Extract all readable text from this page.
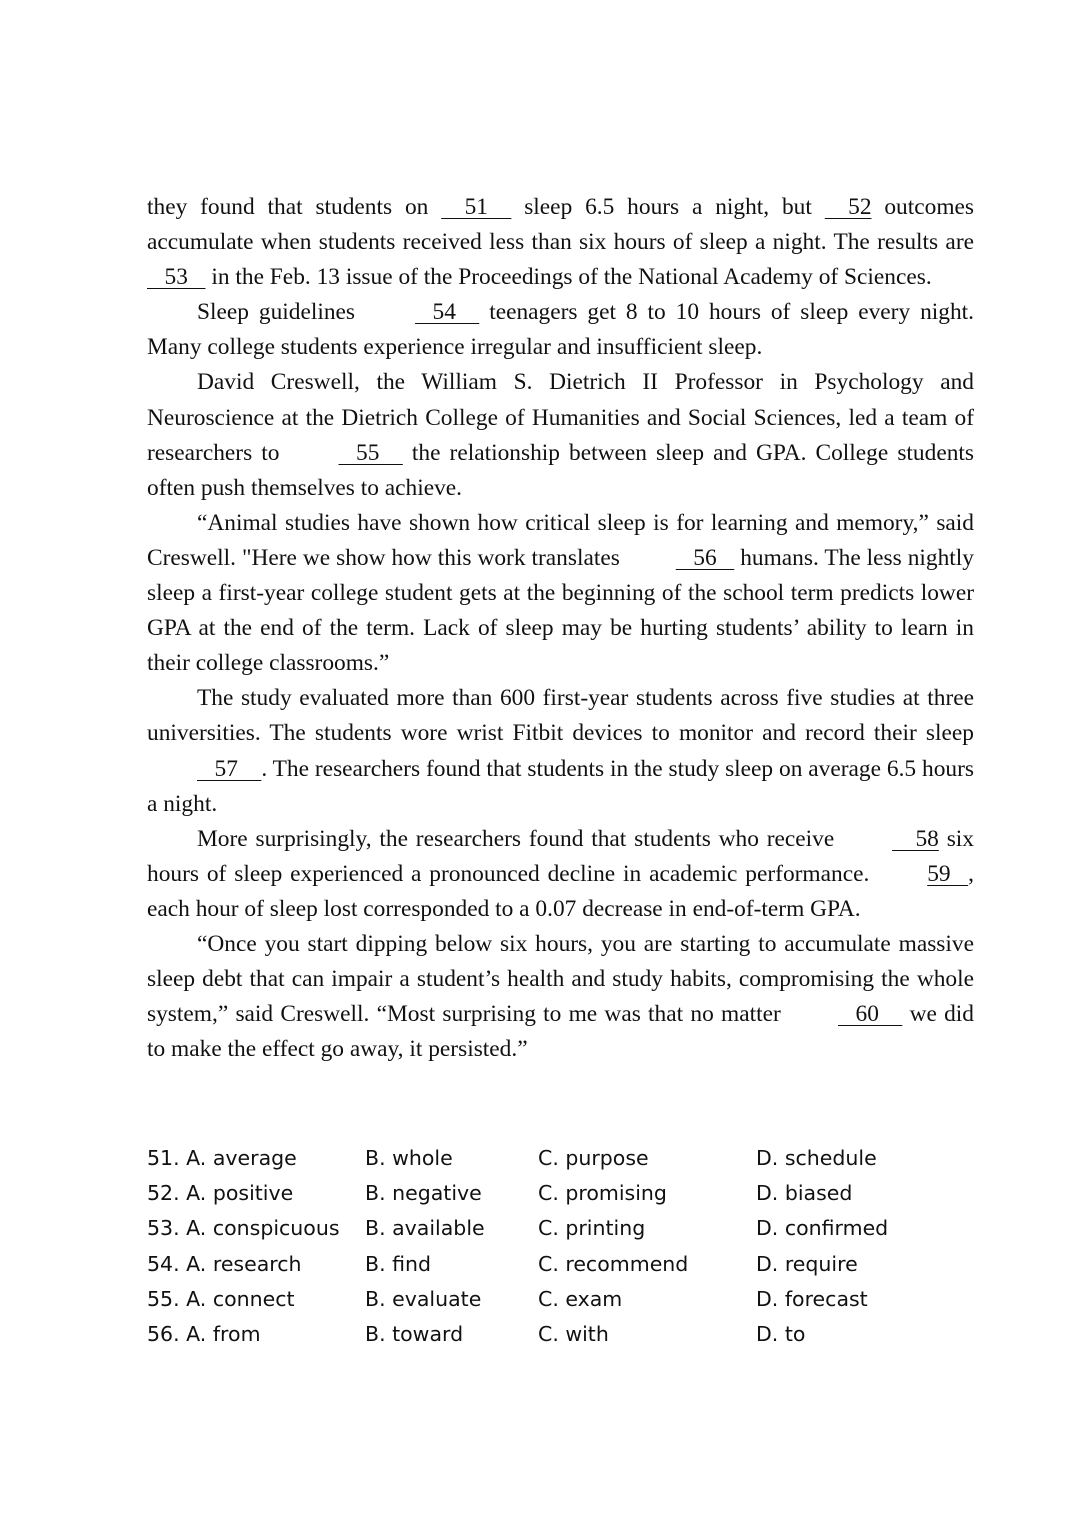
they found that students on     51     sleep 6.5 hours a night, but     52 outcomes accumulate when students received less than six hours of sleep a night. The results are    53    in the Feb. 13 issue of the Proceedings of the National Academy of Sciences.

Sleep guidelines    54     teenagers get 8 to 10 hours of sleep every night. Many college students experience irregular and insufficient sleep.

David Creswell, the William S. Dietrich II Professor in Psychology and Neuroscience at the Dietrich College of Humanities and Social Sciences, led a team of researchers to    55     the relationship between sleep and GPA. College students often push themselves to achieve.

“Animal studies have shown how critical sleep is for learning and memory,” said Creswell. "Here we show how this work translates    56    humans. The less nightly sleep a first-year college student gets at the beginning of the school term predicts lower GPA at the end of the term. Lack of sleep may be hurting students’ ability to learn in their college classrooms.”

The study evaluated more than 600 first-year students across five studies at three universities. The students wore wrist Fitbit devices to monitor and record their sleep    57    . The researchers found that students in the study sleep on average 6.5 hours a night.

More surprisingly, the researchers found that students who receive     58 six hours of sleep experienced a pronounced decline in academic performance. 59   , each hour of sleep lost corresponded to a 0.07 decrease in end-of-term GPA.

“Once you start dipping below six hours, you are starting to accumulate massive sleep debt that can impair a student’s health and study habits, compromising the whole system,” said Creswell. “Most surprising to me was that no matter    60     we did to make the effect go away, it persisted.”

51. A. average	B. whole	C. purpose	D. schedule
52. A. positive	B. negative	C. promising	D. biased
53. A. conspicuous B. available	C. printing	D. confirmed
54. A. research	B. find	C. recommend	D. require
55. A. connect	B. evaluate	C. exam	D. forecast
56. A. from	B. toward	C. with	D. to
